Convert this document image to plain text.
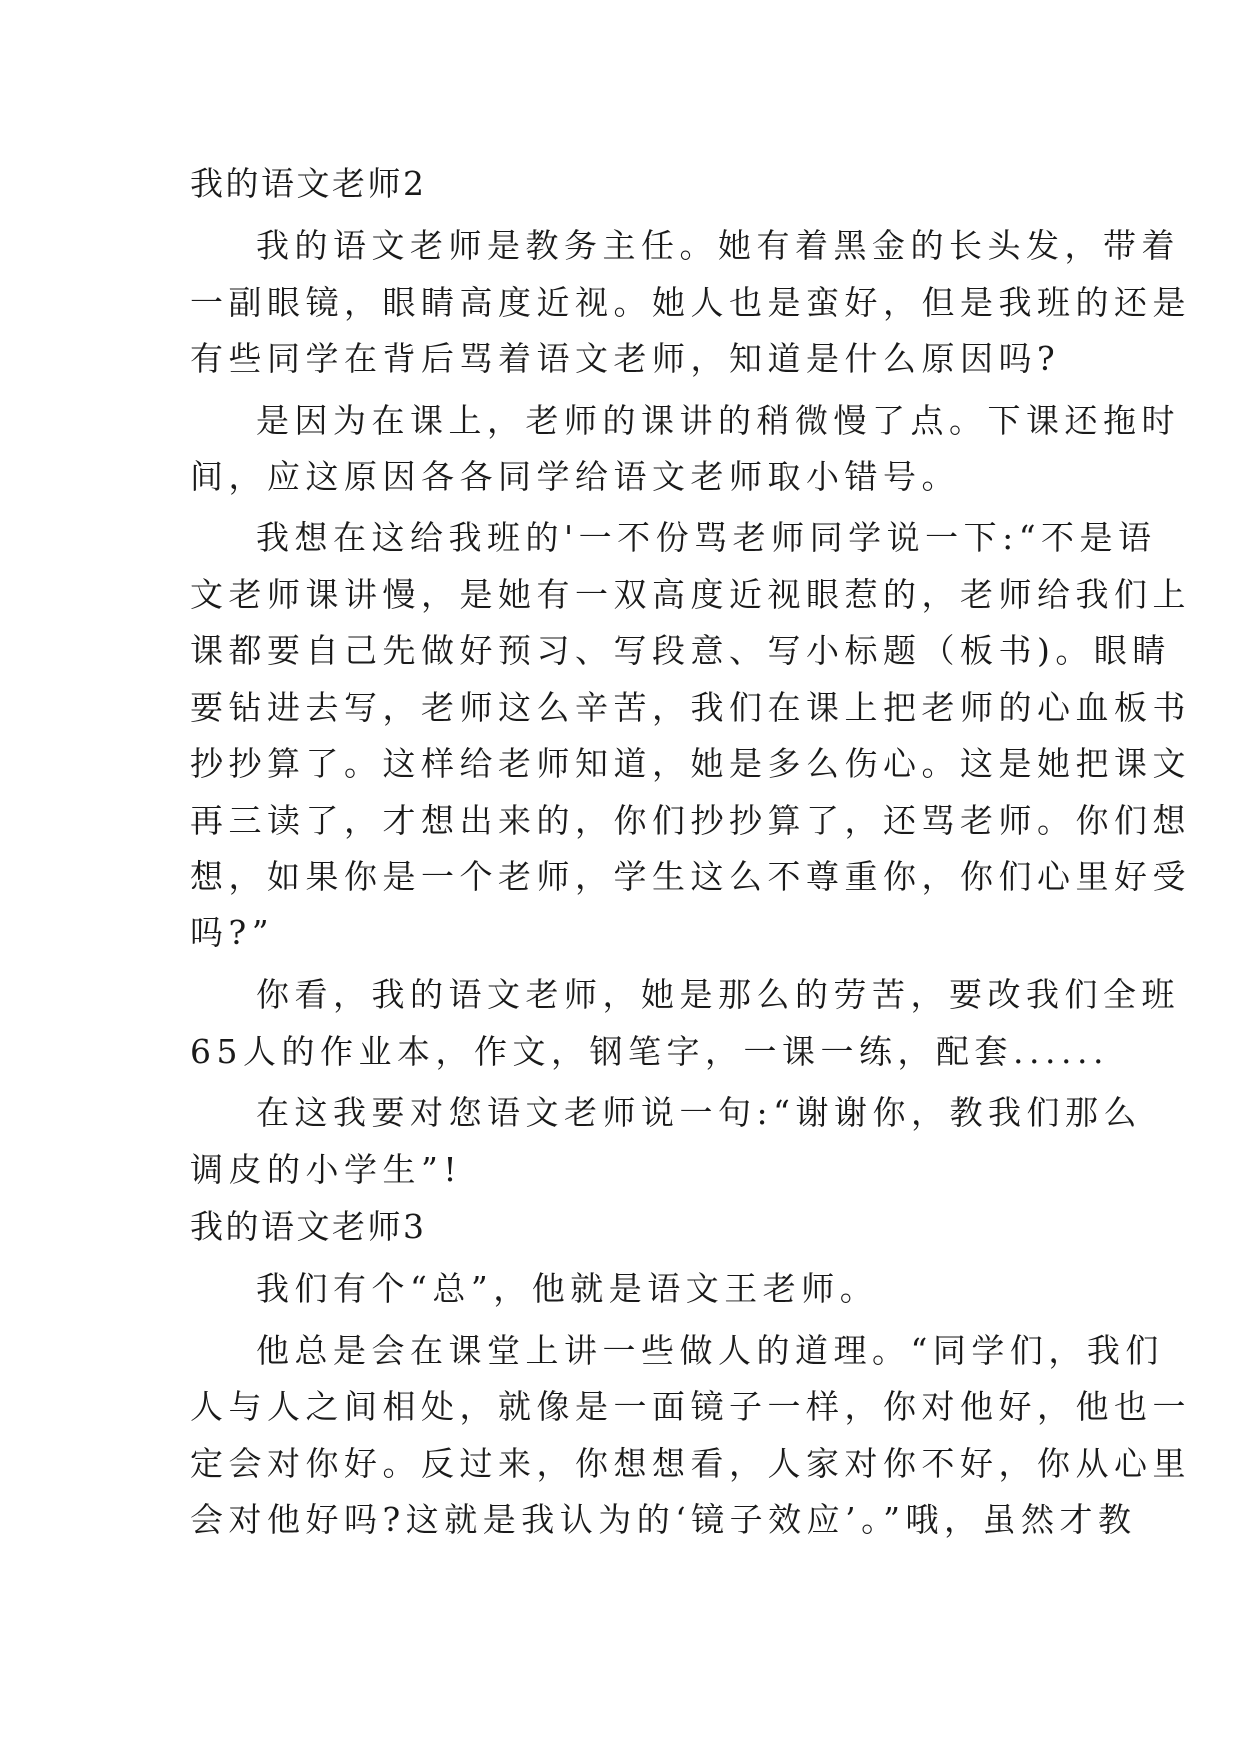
我的语文老师2
我的语文老师是教务主任。她有着黑金的长头发，带着
一副眼镜，眼睛高度近视。她人也是蛮好，但是我班的还是
有些同学在背后骂着语文老师，知道是什么原因吗?
是因为在课上，老师的课讲的稍微慢了点。下课还拖时
间，应这原因各各同学给语文老师取小错号。
我想在这给我班的'一不份骂老师同学说一下:“不是语
文老师课讲慢，是她有一双高度近视眼惹的，老师给我们上
课都要自己先做好预习、写段意、写小标题（板书)。眼睛
要钻进去写，老师这么辛苦，我们在课上把老师的心血板书
抄抄算了。这样给老师知道，她是多么伤心。这是她把课文
再三读了，才想出来的，你们抄抄算了，还骂老师。你们想
想，如果你是一个老师，学生这么不尊重你，你们心里好受
吗?”
你看，我的语文老师，她是那么的劳苦，要改我们全班
65人的作业本，作文，钢笔字，一课一练，配套......
在这我要对您语文老师说一句:“谢谢你，教我们那么
调皮的小学生”!
我的语文老师3
我们有个“总”，他就是语文王老师。
他总是会在课堂上讲一些做人的道理。“同学们，我们
人与人之间相处，就像是一面镜子一样，你对他好，他也一
定会对你好。反过来，你想想看，人家对你不好，你从心里
会对他好吗?这就是我认为的‘镜子效应’。”哦，虽然才教
